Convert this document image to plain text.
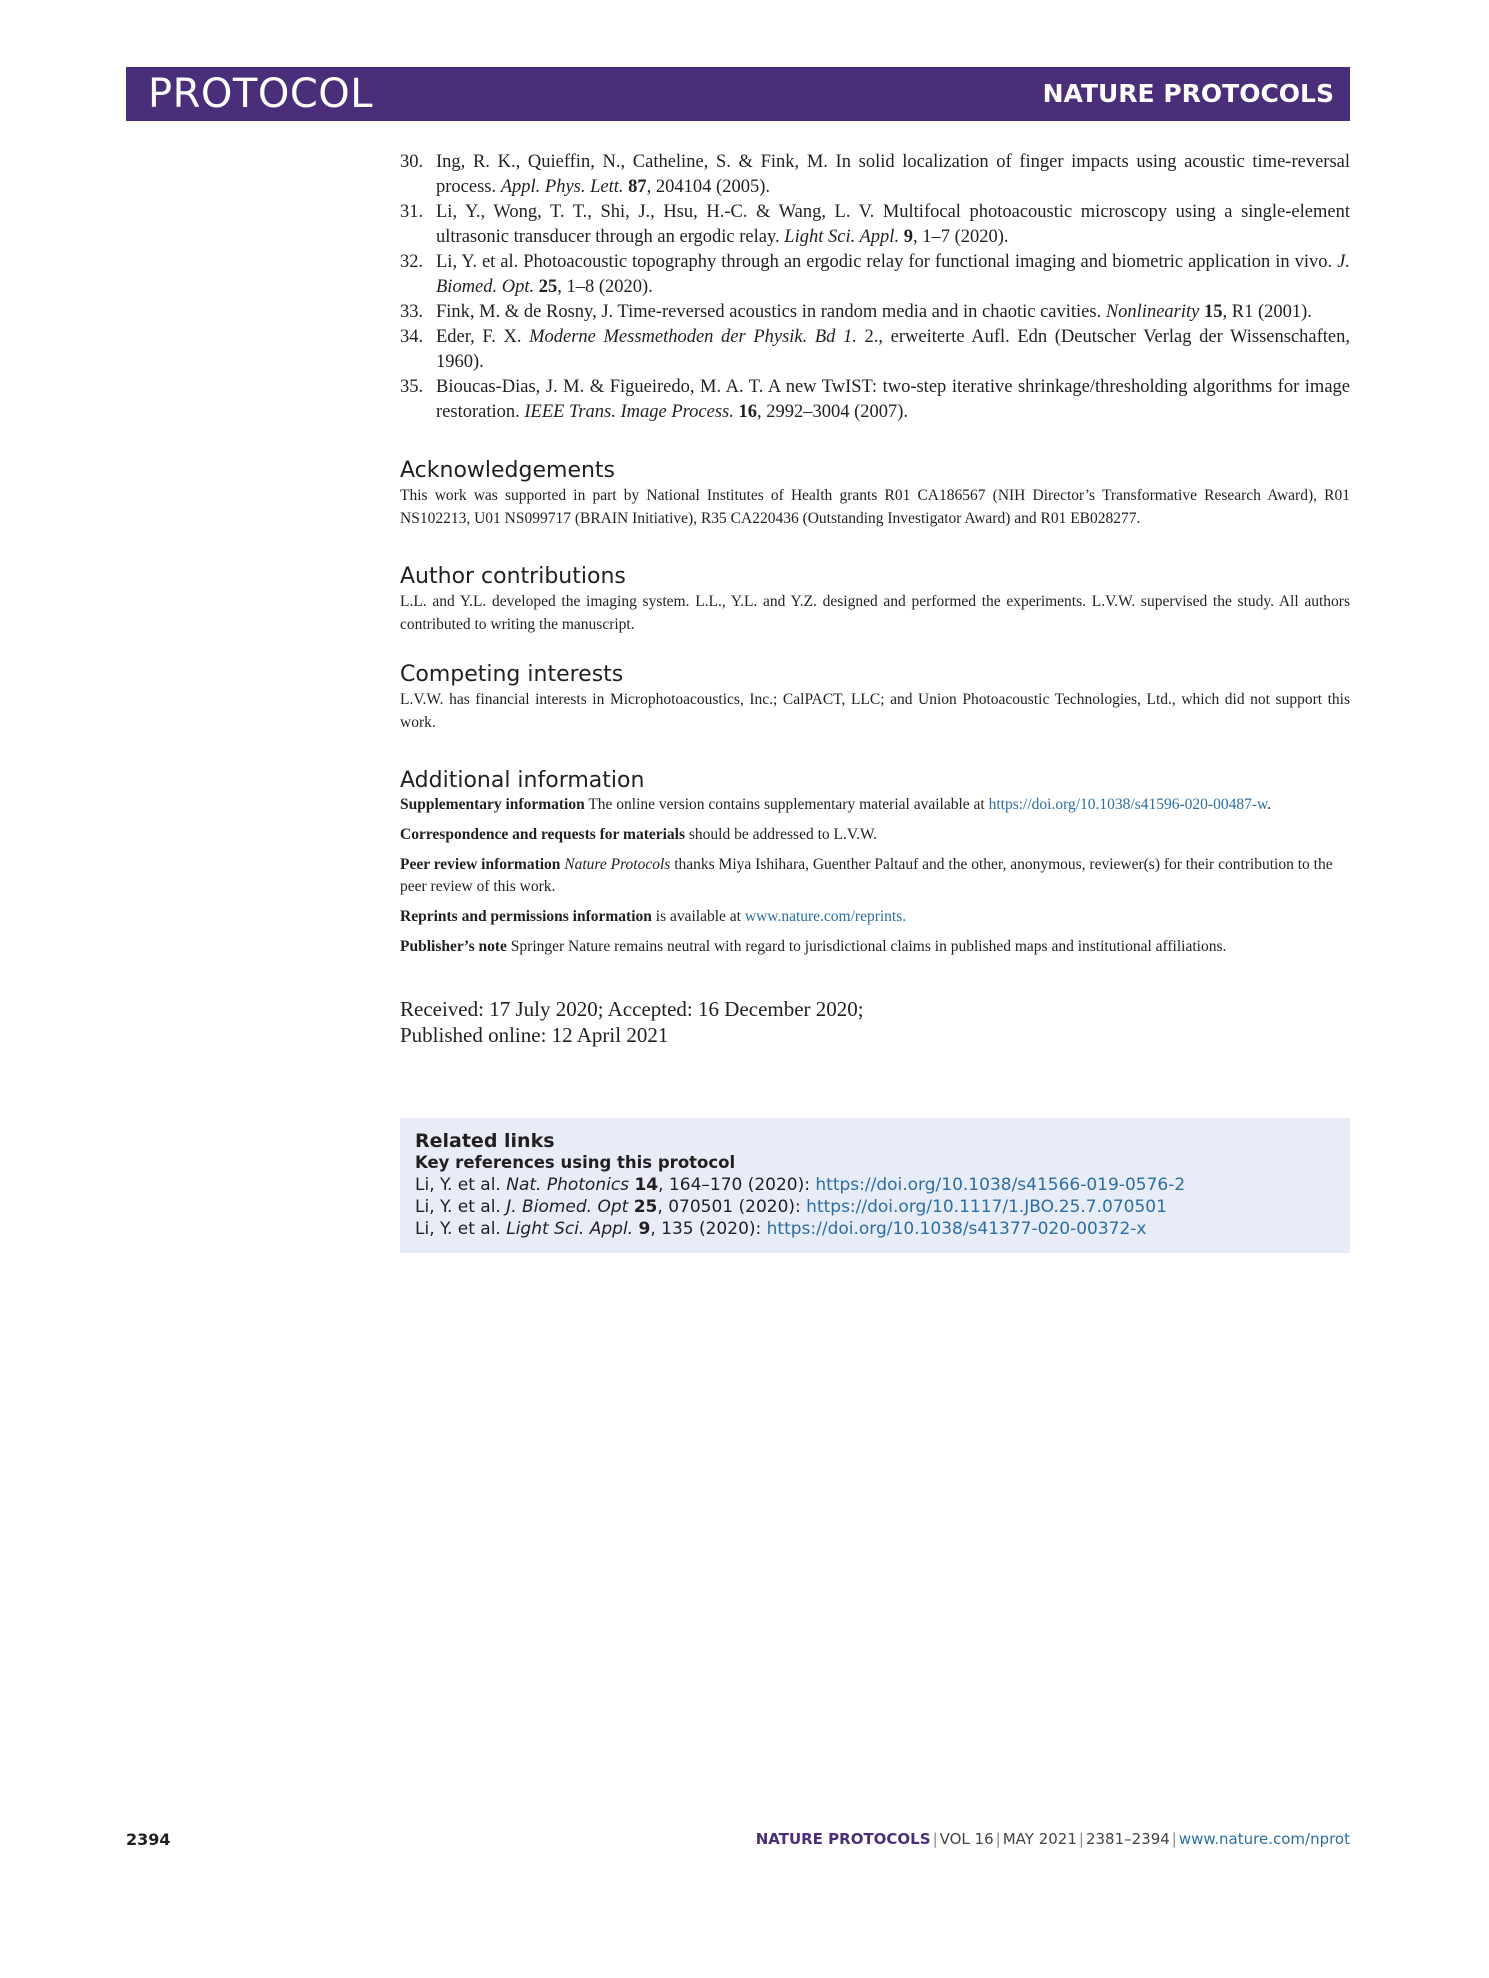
PROTOCOL	NATURE PROTOCOLS
30 . Ing, R. K., Quieffin, N., Catheline, S. & Fink, M. In solid localization of finger impacts using acoustic time-reversal process. Appl. Phys. Lett. 87, 204104 (2005).
31 . Li, Y., Wong, T. T., Shi, J., Hsu, H.-C. & Wang, L. V. Multifocal photoacoustic microscopy using a single-element ultrasonic transducer through an ergodic relay. Light Sci. Appl. 9, 1–7 (2020).
32 . Li, Y. et al. Photoacoustic topography through an ergodic relay for functional imaging and biometric application in vivo. J. Biomed. Opt. 25, 1–8 (2020).
33 . Fink, M. & de Rosny, J. Time-reversed acoustics in random media and in chaotic cavities. Nonlinearity 15, R1 (2001).
34 . Eder, F. X. Moderne Messmethoden der Physik. Bd 1. 2., erweiterte Aufl. Edn (Deutscher Verlag der Wissenschaften, 1960).
35 . Bioucas-Dias, J. M. & Figueiredo, M. A. T. A new TwIST: two-step iterative shrinkage/thresholding algorithms for image restoration. IEEE Trans. Image Process. 16, 2992–3004 (2007).
Acknowledgements

This work was supported in part by National Institutes of Health grants R01 CA186567 (NIH Director’s Transformative Research Award), R01 NS102213, U01 NS099717 (BRAIN Initiative), R35 CA220436 (Outstanding Investigator Award) and R01 EB028277.

Author contributions

L.L. and Y.L. developed the imaging system. L.L., Y.L. and Y.Z. designed and performed the experiments. L.V.W. supervised the study. All authors contributed to writing the manuscript.

Competing interests

L.V.W. has financial interests in Microphotoacoustics, Inc.; CalPACT, LLC; and Union Photoacoustic Technologies, Ltd., which did not support this work.

Additional information

Supplementary information The online version contains supplementary material available at https://doi.org/10.1038/s41596-020-00487-w.

Correspondence and requests for materials should be addressed to L.V.W.

Peer review information Nature Protocols thanks Miya Ishihara, Guenther Paltauf and the other, anonymous, reviewer(s) for their contribution to the peer review of this work.

Reprints and permissions information is available at www.nature.com/reprints.

Publisher’s note Springer Nature remains neutral with regard to jurisdictional claims in published maps and institutional affiliations.

Received: 17 July 2020; Accepted: 16 December 2020;
Published online: 12 April 2021
Related links
Key references using this protocol
Li, Y. et al. Nat. Photonics 14, 164–170 (2020): https://doi.org/10.1038/s41566-019-0576-2
Li, Y. et al. J. Biomed. Opt 25, 070501 (2020): https://doi.org/10.1117/1.JBO.25.7.070501
Li, Y. et al. Light Sci. Appl. 9, 135 (2020): https://doi.org/10.1038/s41377-020-00372-x
2394	NATURE PROTOCOLS | VOL 16 | MAY 2021 | 2381–2394 | www.nature.com/nprot
